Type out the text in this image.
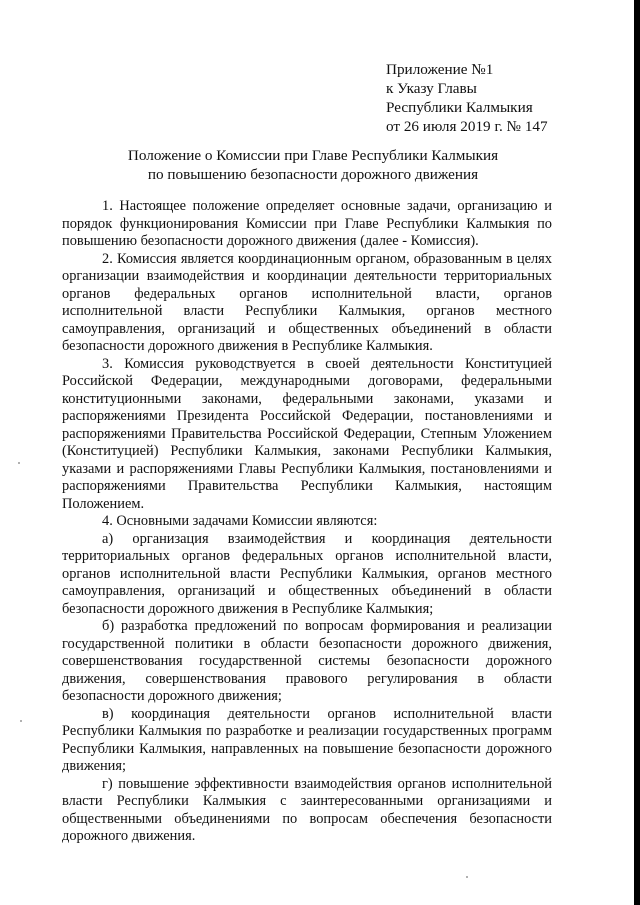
Приложение №1
к Указу Главы
Республики Калмыкия
от 26 июля 2019 г. № 147
Положение о Комиссии при Главе Республики Калмыкия
по повышению безопасности дорожного движения

1. Настоящее положение определяет основные задачи, организацию и порядок функционирования Комиссии при Главе Республики Калмыкия по повышению безопасности дорожного движения (далее - Комиссия).

2. Комиссия является координационным органом, образованным в целях организации взаимодействия и координации деятельности территориальных органов федеральных органов исполнительной власти, органов исполнительной власти Республики Калмыкия, органов местного самоуправления, организаций и общественных объединений в области безопасности дорожного движения в Республике Калмыкия.

3. Комиссия руководствуется в своей деятельности Конституцией Российской Федерации, международными договорами, федеральными конституционными законами, федеральными законами, указами и распоряжениями Президента Российской Федерации, постановлениями и распоряжениями Правительства Российской Федерации, Степным Уложением (Конституцией) Республики Калмыкия, законами Республики Калмыкия, указами и распоряжениями Главы Республики Калмыкия, постановлениями и распоряжениями Правительства Республики Калмыкия, настоящим Положением.

4. Основными задачами Комиссии являются:

а) организация взаимодействия и координация деятельности территориальных органов федеральных органов исполнительной власти, органов исполнительной власти Республики Калмыкия, органов местного самоуправления, организаций и общественных объединений в области безопасности дорожного движения в Республике Калмыкия;

б) разработка предложений по вопросам формирования и реализации государственной политики в области безопасности дорожного движения, совершенствования государственной системы безопасности дорожного движения, совершенствования правового регулирования в области безопасности дорожного движения;

в) координация деятельности органов исполнительной власти Республики Калмыкия по разработке и реализации государственных программ Республики Калмыкия, направленных на повышение безопасности дорожного движения;

г) повышение эффективности взаимодействия органов исполнительной власти Республики Калмыкия с заинтересованными организациями и общественными объединениями по вопросам обеспечения безопасности дорожного движения.
